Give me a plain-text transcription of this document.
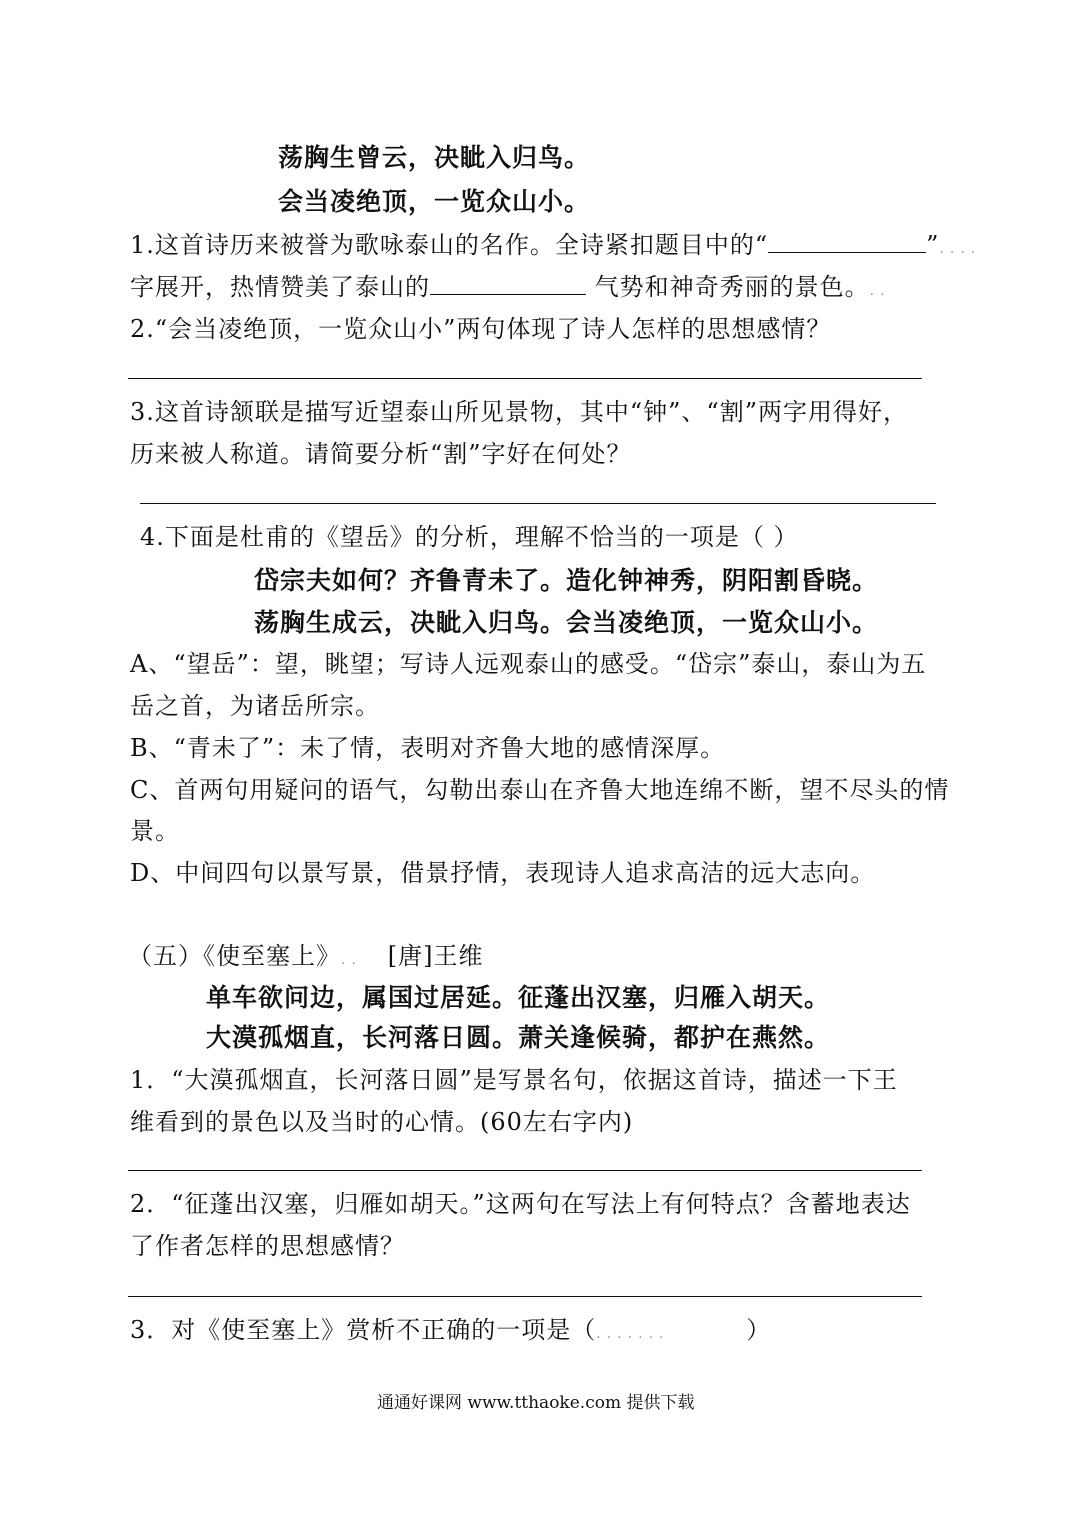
荡胸生曾云，决眦入归鸟。
会当凌绝顶，一览众山小。
1.这首诗历来被誉为歌咏泰山的名作。全诗紧扣题目中的“	”....
字展开，热情赞美了泰山的	气势和神奇秀丽的景色。..
2.“会当凌绝顶，一览众山小”两句体现了诗人怎样的思想感情？
3.这首诗颔联是描写近望泰山所见景物，其中“钟”、“割”两字用得好，
历来被人称道。请简要分析“割”字好在何处？
4.下面是杜甫的《望岳》的分析，理解不恰当的一项是（ ）
岱宗夫如何？齐鲁青未了。造化钟神秀，阴阳割昏晓。
荡胸生成云，决眦入归鸟。会当凌绝顶，一览众山小。
A、“望岳”：望，眺望；写诗人远观泰山的感受。“岱宗”泰山，泰山为五
岳之首，为诸岳所宗。
B、“青未了”：未了情，表明对齐鲁大地的感情深厚。
C、首两句用疑问的语气，勾勒出泰山在齐鲁大地连绵不断，望不尽头的情
景。
D、中间四句以景写景，借景抒情，表现诗人追求高洁的远大志向。
（五）《使至塞上》.. [唐]王维
单车欲问边，属国过居延。征蓬出汉塞，归雁入胡天。
大漠孤烟直，长河落日圆。萧关逢候骑，都护在燕然。
1．“大漠孤烟直，长河落日圆”是写景名句，依据这首诗，描述一下王
维看到的景色以及当时的心情。(60左右字内)
2．“征蓬出汉塞，归雁如胡天。”这两句在写法上有何特点？含蓄地表达
了作者怎样的思想感情？
3．对《使至塞上》赏析不正确的一项是（.......	）
通通好课网 www.tthaoke.com 提供下载
